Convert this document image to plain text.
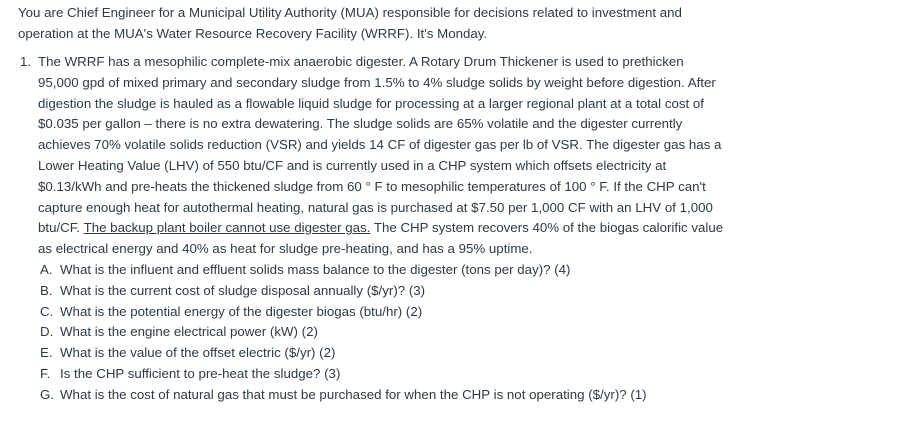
You are Chief Engineer for a Municipal Utility Authority (MUA) responsible for decisions related to investment and operation at the MUA's Water Resource Recovery Facility (WRRF). It's Monday.

1. The WRRF has a mesophilic complete-mix anaerobic digester. A Rotary Drum Thickener is used to prethicken 95,000 gpd of mixed primary and secondary sludge from 1.5% to 4% sludge solids by weight before digestion. After digestion the sludge is hauled as a flowable liquid sludge for processing at a larger regional plant at a total cost of $0.035 per gallon – there is no extra dewatering. The sludge solids are 65% volatile and the digester currently achieves 70% volatile solids reduction (VSR) and yields 14 CF of digester gas per lb of VSR. The digester gas has a Lower Heating Value (LHV) of 550 btu/CF and is currently used in a CHP system which offsets electricity at $0.13/kWh and pre-heats the thickened sludge from 60 ° F to mesophilic temperatures of 100 ° F. If the CHP can't capture enough heat for autothermal heating, natural gas is purchased at $7.50 per 1,000 CF with an LHV of 1,000 btu/CF. The backup plant boiler cannot use digester gas. The CHP system recovers 40% of the biogas calorific value as electrical energy and 40% as heat for sludge pre-heating, and has a 95% uptime.
A. What is the influent and effluent solids mass balance to the digester (tons per day)? (4)
B. What is the current cost of sludge disposal annually ($/yr)? (3)
C. What is the potential energy of the digester biogas (btu/hr) (2)
D. What is the engine electrical power (kW) (2)
E. What is the value of the offset electric ($/yr) (2)
F. Is the CHP sufficient to pre-heat the sludge? (3)
G. What is the cost of natural gas that must be purchased for when the CHP is not operating ($/yr)? (1)
